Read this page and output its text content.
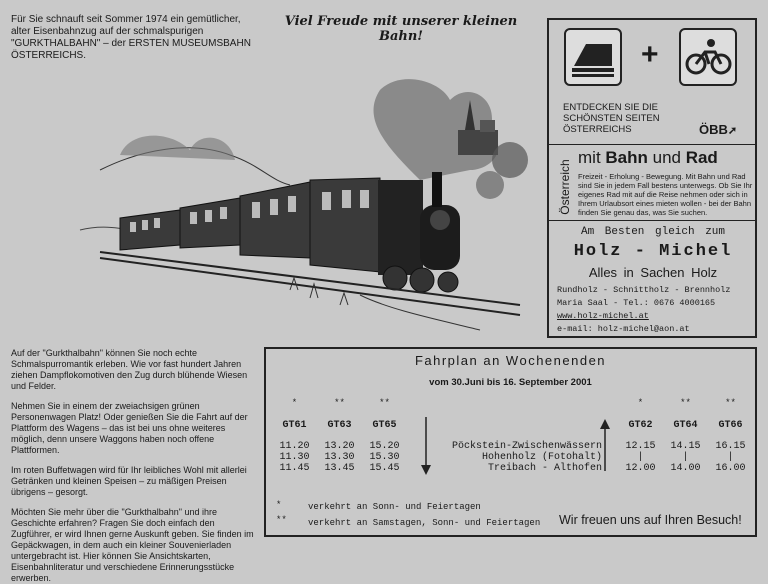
Für Sie schnauft seit Sommer 1974 ein gemütlicher, alter Eisenbahnzug auf der schmalspurigen "GURKTHALBAHN" – der ERSTEN MUSEUMSBAHN ÖSTERREICHS.
Viel Freude mit unserer kleinen Bahn!

Auf der "Gurkthalbahn" können Sie noch echte Schmalspurromantik erleben. Wie vor fast hundert Jahren ziehen Dampflokomotiven den Zug durch blühende Wiesen und Felder.

Nehmen Sie in einem der zweiachsigen grünen Personenwagen Platz! Oder genießen Sie die Fahrt auf der Plattform des Wagens – das ist bei uns ohne weiteres möglich, denn unsere Waggons haben noch offene Plattformen.

Im roten Buffetwagen wird für Ihr leibliches Wohl mit allerlei Getränken und kleinen Speisen – zu mäßigen Preisen übrigens – gesorgt.

Möchten Sie mehr über die "Gurkthalbahn" und ihre Geschichte erfahren? Fragen Sie doch einfach den Zugführer, er wird Ihnen gerne Auskunft geben. Sie finden im Gepäckwagen, in dem auch ein kleiner Souvenierladen untergebracht ist. Hier können Sie Ansichtskarten, Eisenbahnliteratur und verschiedene Erinnerungsstücke erwerben.

+
ENTDECKEN SIE DIE
SCHÖNSTEN SEITEN
ÖSTERREICHS	ÖBB➚
Österreich
mit Bahn und Rad
Freizeit - Erholung - Bewegung. Mit Bahn und Rad sind Sie in jedem Fall bestens unterwegs. Ob Sie Ihr eigenes Rad mit auf die Reise nehmen oder sich in Ihrem Urlaubsort eines mieten wollen - bei der Bahn finden Sie genau das, was Sie suchen.
Am Besten gleich zum
Holz - Michel
Alles in Sachen Holz
Rundholz - Schnittholz - Brennholz
Maria Saal - Tel.: 0676 4000165
www.holz-michel.at
e-mail: holz-michel@aon.at
Fahrplan an Wochenenden
vom 30.Juni bis 16. September 2001
*	**	**	*	**	**
GT61	GT63	GT65	GT62	GT64	GT66
11.20	13.20	15.20	Pöckstein-Zwischenwässern	12.15	14.15	16.15
11.30	13.30	15.30	Hohenholz (Fotohalt)	|	|	|
11.45	13.45	15.45	Treibach - Althofen	12.00	14.00	16.00
*	verkehrt an Sonn- und Feiertagen
** verkehrt an Samstagen, Sonn- und Feiertagen Wir freuen uns auf Ihren Besuch!
